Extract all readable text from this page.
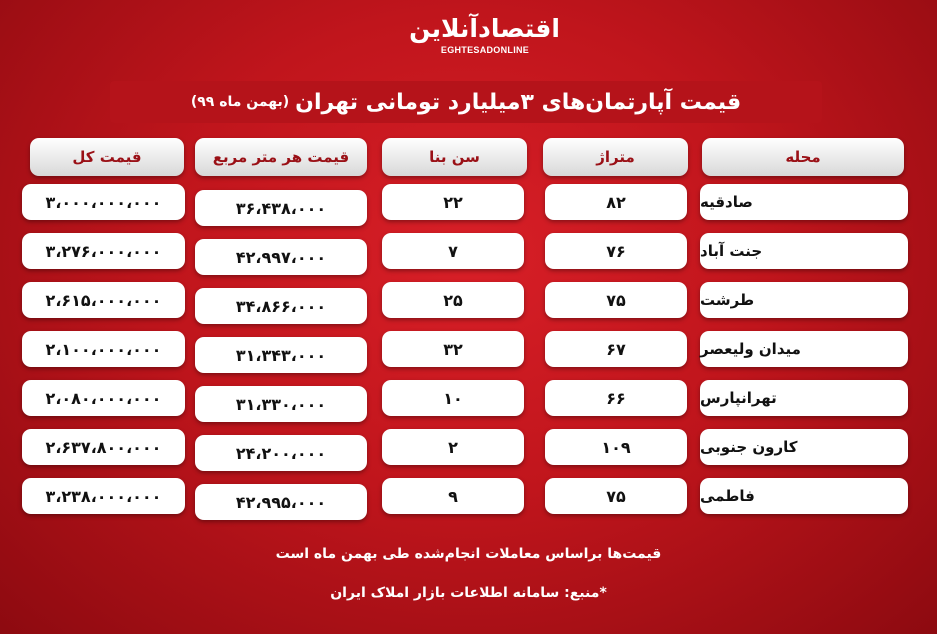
اقتصادآنلاین
EGHTESADONLINE
قیمت آپارتمان‌های ۳میلیارد تومانی تهران
(بهمن ماه ۹۹)
محله
متراژ
سن بنا
قیمت هر متر مربع
قیمت کل
صادقیه
۸۲
۲۲
۳۶،۴۳۸،۰۰۰
۳،۰۰۰،۰۰۰،۰۰۰
جنت آباد
۷۶
۷
۴۲،۹۹۷،۰۰۰
۳،۲۷۶،۰۰۰،۰۰۰
طرشت
۷۵
۲۵
۳۴،۸۶۶،۰۰۰
۲،۶۱۵،۰۰۰،۰۰۰
میدان ولیعصر
۶۷
۳۲
۳۱،۳۴۳،۰۰۰
۲،۱۰۰،۰۰۰،۰۰۰
تهرانپارس
۶۶
۱۰
۳۱،۳۳۰،۰۰۰
۲،۰۸۰،۰۰۰،۰۰۰
کارون جنوبی
۱۰۹
۲
۲۴،۲۰۰،۰۰۰
۲،۶۳۷،۸۰۰،۰۰۰
فاطمی
۷۵
۹
۴۲،۹۹۵،۰۰۰
۳،۲۳۸،۰۰۰،۰۰۰
قیمت‌ها براساس معاملات انجام‌شده طی بهمن ماه است
*منبع: سامانه اطلاعات بازار املاک ایران
